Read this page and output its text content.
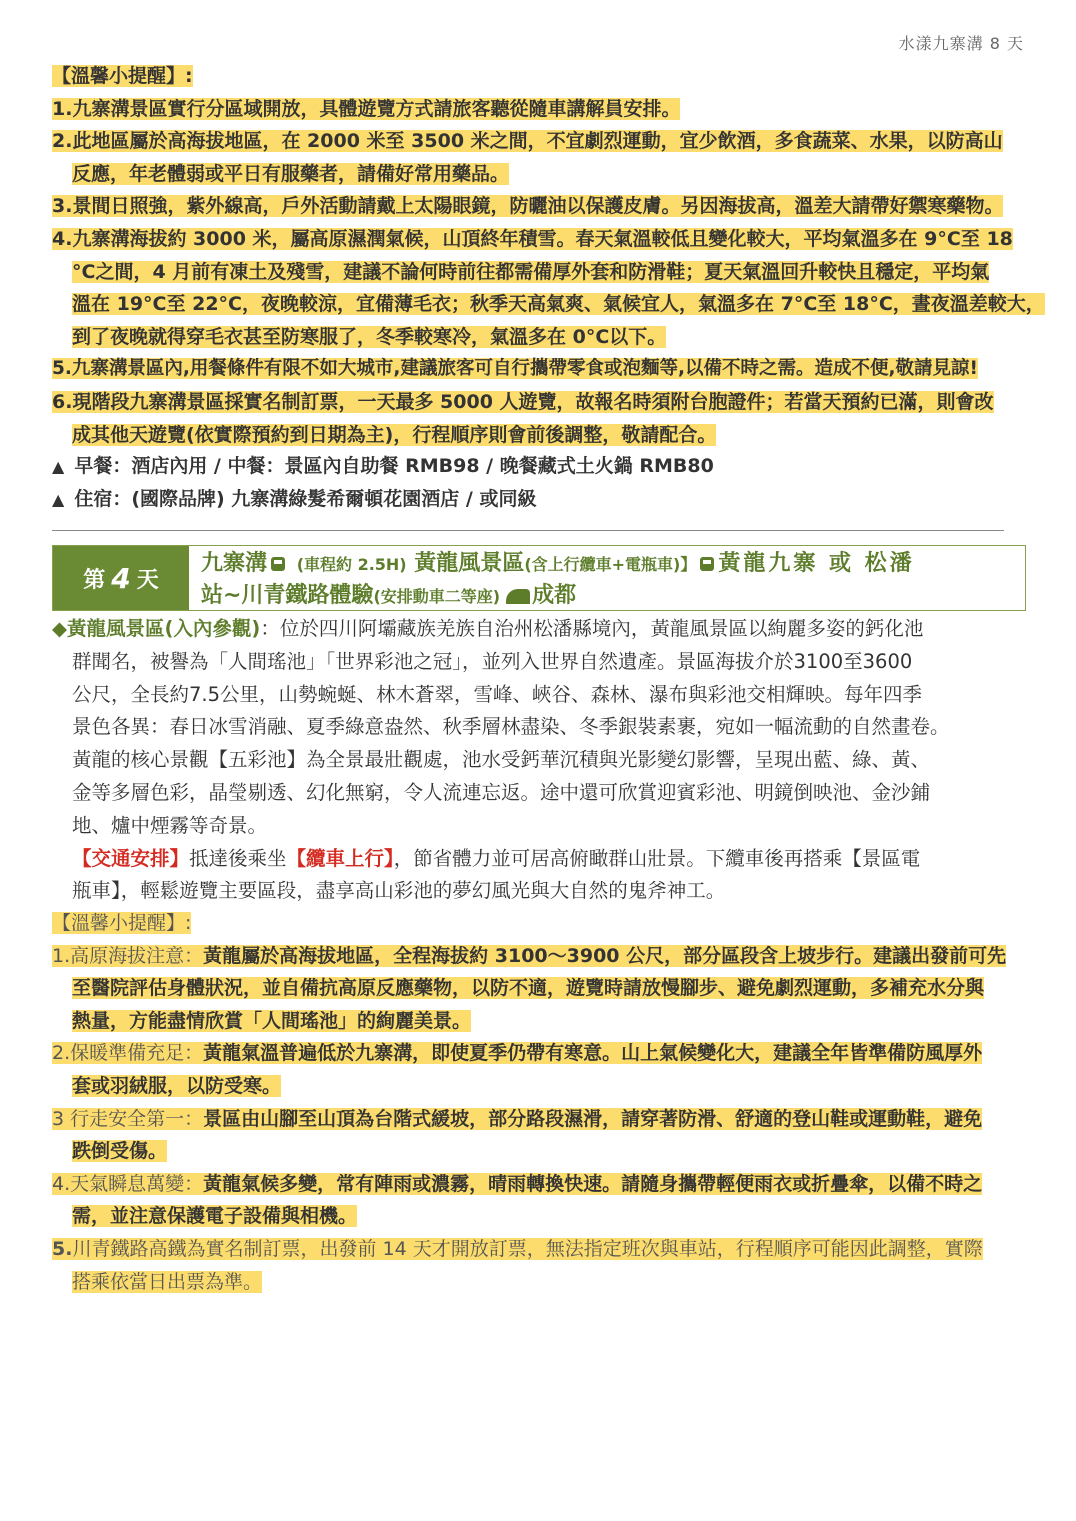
水漾九寨溝 8 天
【溫馨小提醒】:
1.九寨溝景區實行分區域開放，具體遊覽方式請旅客聽從隨車講解員安排。
2.此地區屬於高海拔地區，在 2000 米至 3500 米之間，不宜劇烈運動，宜少飲酒，多食蔬菜、水果，以防高山
反應，年老體弱或平日有服藥者，請備好常用藥品。
3.景間日照強，紫外線高，戶外活動請戴上太陽眼鏡，防曬油以保護皮膚。另因海拔高，溫差大請帶好禦寒藥物。
4.九寨溝海拔約 3000 米，屬高原濕潤氣候，山頂終年積雪。春天氣溫較低且變化較大，平均氣溫多在 9°C至 18
°C之間，4 月前有凍土及殘雪，建議不論何時前往都需備厚外套和防滑鞋；夏天氣溫回升較快且穩定，平均氣
溫在 19°C至 22°C，夜晚較涼，宜備薄毛衣；秋季天高氣爽、氣候宜人，氣溫多在 7°C至 18°C，晝夜溫差較大，
到了夜晚就得穿毛衣甚至防寒服了，冬季較寒冷，氣溫多在 0°C以下。
5.九寨溝景區內,用餐條件有限不如大城市,建議旅客可自行攜帶零食或泡麵等,以備不時之需。造成不便,敬請見諒!
6.現階段九寨溝景區採實名制訂票，一天最多 5000 人遊覽，故報名時須附台胞證件；若當天預約已滿，則會改
成其他天遊覽(依實際預約到日期為主)，行程順序則會前後調整，敬請配合。
▲ 早餐：酒店內用 / 中餐：景區內自助餐 RMB98 / 晚餐藏式土火鍋 RMB80
▲ 住宿：(國際品牌) 九寨溝綠髮希爾頓花園酒店 / 或同級
第 4 天
九寨溝 (車程約 2.5H) 黃龍風景區(含上行纜車+電瓶車)】 黃龍九寨 或 松潘
站~川青鐵路體驗(安排動車二等座) 成都
◆黃龍風景區(入內參觀)：位於四川阿壩藏族羌族自治州松潘縣境內，黃龍風景區以絢麗多姿的鈣化池
群聞名，被譽為「人間瑤池」「世界彩池之冠」，並列入世界自然遺產。景區海拔介於3100至3600
公尺，全長約7.5公里，山勢蜿蜒、林木蒼翠，雪峰、峽谷、森林、瀑布與彩池交相輝映。每年四季
景色各異：春日冰雪消融、夏季綠意盎然、秋季層林盡染、冬季銀裝素裹，宛如一幅流動的自然畫卷。
黃龍的核心景觀【五彩池】為全景最壯觀處，池水受鈣華沉積與光影變幻影響，呈現出藍、綠、黃、
金等多層色彩，晶瑩剔透、幻化無窮，令人流連忘返。途中還可欣賞迎賓彩池、明鏡倒映池、金沙鋪
地、爐中煙霧等奇景。
【交通安排】抵達後乘坐【纜車上行】，節省體力並可居高俯瞰群山壯景。下纜車後再搭乘【景區電
瓶車】，輕鬆遊覽主要區段，盡享高山彩池的夢幻風光與大自然的鬼斧神工。
【溫馨小提醒】:
1.高原海拔注意：黃龍屬於高海拔地區，全程海拔約 3100～3900 公尺，部分區段含上坡步行。建議出發前可先
至醫院評估身體狀況，並自備抗高原反應藥物，以防不適，遊覽時請放慢腳步、避免劇烈運動，多補充水分與
熱量，方能盡情欣賞「人間瑤池」的絢麗美景。
2.保暖準備充足：黃龍氣溫普遍低於九寨溝，即使夏季仍帶有寒意。山上氣候變化大，建議全年皆準備防風厚外
套或羽絨服，以防受寒。
3 行走安全第一：景區由山腳至山頂為台階式緩坡，部分路段濕滑，請穿著防滑、舒適的登山鞋或運動鞋，避免
跌倒受傷。
4.天氣瞬息萬變：黃龍氣候多變，常有陣雨或濃霧，晴雨轉換快速。請隨身攜帶輕便雨衣或折疊傘，以備不時之
需，並注意保護電子設備與相機。
5.川青鐵路高鐵為實名制訂票，出發前 14 天才開放訂票，無法指定班次與車站，行程順序可能因此調整，實際
搭乘依當日出票為準。
